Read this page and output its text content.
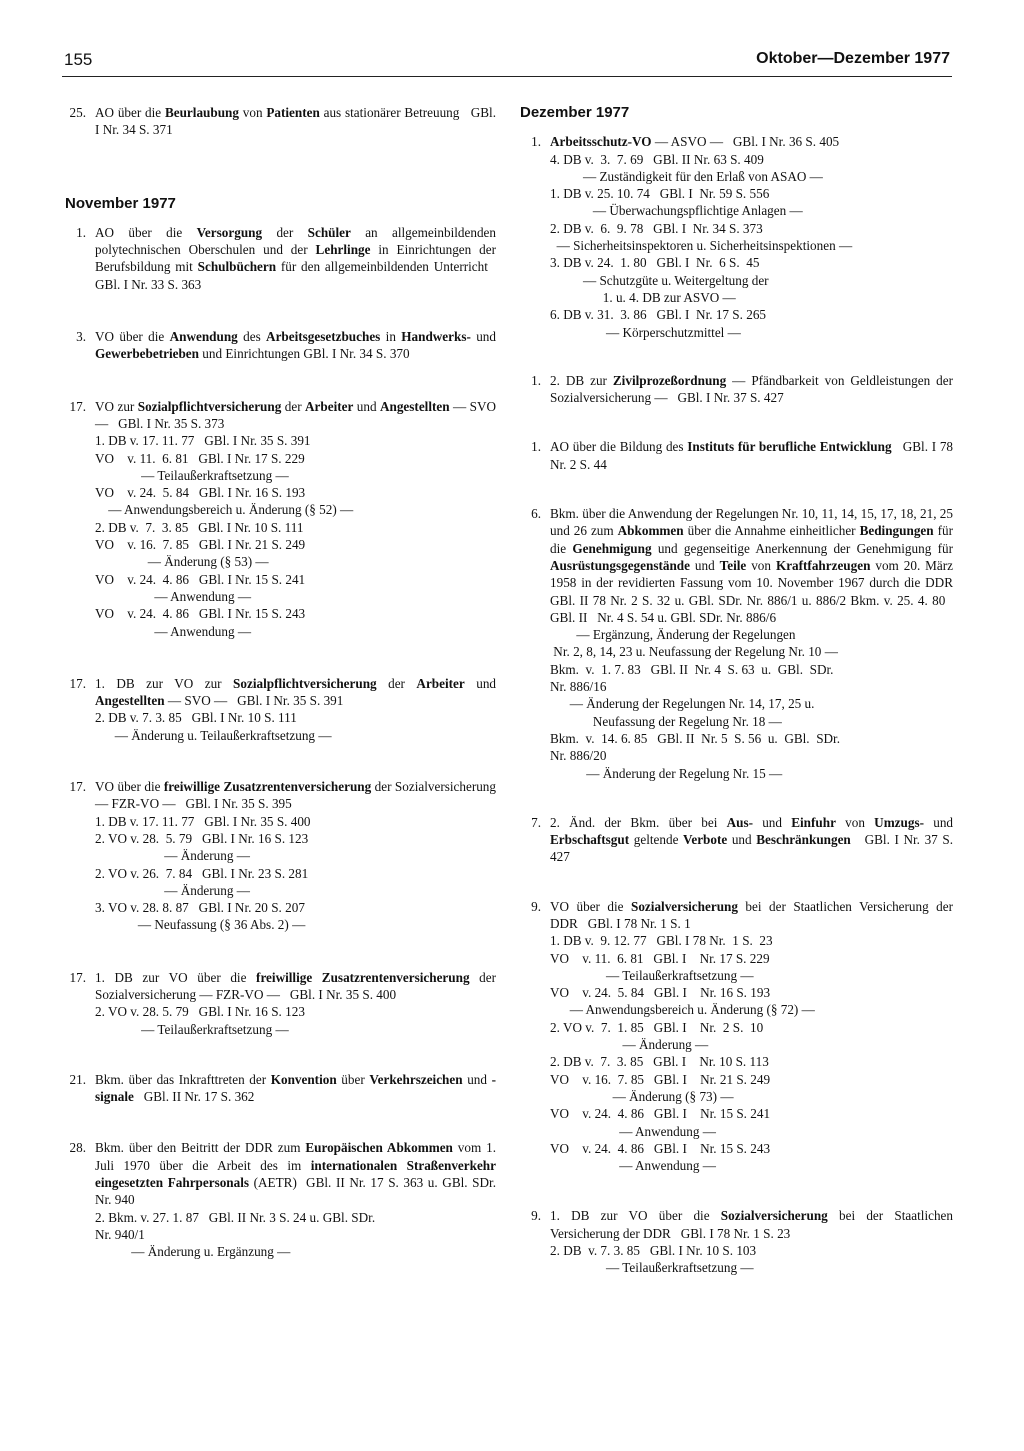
155	Oktober—Dezember 1977
25. AO über die Beurlaubung von Patienten aus stationärer Betreuung   GBl. I Nr. 34 S. 371
November 1977
1. AO über die Versorgung der Schüler an allgemeinbildenden polytechnischen Oberschulen und der Lehrlinge in Einrichtungen der Berufsbildung mit Schulbüchern für den allgemeinbildenden Unterricht   GBl. I Nr. 33 S. 363
3. VO über die Anwendung des Arbeitsgesetzbuches in Handwerks- und Gewerbebetrieben und Einrichtungen GBl. I Nr. 34 S. 370
17. VO zur Sozialpflichtversicherung der Arbeiter und Angestellten — SVO —   GBl. I Nr. 35 S. 373
1. DB v. 17. 11. 77   GBl. I Nr. 35 S. 391
VO    v. 11.  6. 81   GBl. I Nr. 17 S. 229
— Teilaußerkraftsetzung —
VO    v. 24.  5. 84   GBl. I Nr. 16 S. 193
— Anwendungsbereich u. Änderung (§ 52) —
2. DB v.  7.  3. 85   GBl. I Nr. 10 S. 111
VO    v. 16.  7. 85   GBl. I Nr. 21 S. 249
— Änderung (§ 53) —
VO    v. 24.  4. 86   GBl. I Nr. 15 S. 241
— Anwendung —
VO    v. 24.  4. 86   GBl. I Nr. 15 S. 243
— Anwendung —
17. 1. DB zur VO zur Sozialpflichtversicherung der Arbeiter und Angestellten — SVO —   GBl. I Nr. 35 S. 391
2. DB v. 7. 3. 85   GBl. I Nr. 10 S. 111
— Änderung u. Teilaußerkraftsetzung —
17. VO über die freiwillige Zusatzrentenversicherung der Sozialversicherung — FZR-VO —   GBl. I Nr. 35 S. 395
1. DB v. 17. 11. 77   GBl. I Nr. 35 S. 400
2. VO v. 28.  5. 79   GBl. I Nr. 16 S. 123
— Änderung —
2. VO v. 26.  7. 84   GBl. I Nr. 23 S. 281
— Änderung —
3. VO v. 28. 8. 87   GBl. I Nr. 20 S. 207
— Neufassung (§ 36 Abs. 2) —
17. 1. DB zur VO über die freiwillige Zusatzrentenversicherung der Sozialversicherung — FZR-VO —   GBl. I Nr. 35 S. 400
2. VO v. 28. 5. 79   GBl. I Nr. 16 S. 123
— Teilaußerkraftsetzung —
21. Bkm. über das Inkrafttreten der Konvention über Verkehrszeichen und -signale   GBl. II Nr. 17 S. 362
28. Bkm. über den Beitritt der DDR zum Europäischen Abkommen vom 1. Juli 1970 über die Arbeit des im internationalen Straßenverkehr eingesetzten Fahrpersonals (AETR)  GBl. II Nr. 17 S. 363 u. GBl. SDr. Nr. 940
2. Bkm. v. 27. 1. 87   GBl. II Nr. 3 S. 24 u. GBl. SDr.
Nr. 940/1
— Änderung u. Ergänzung —
Dezember 1977
1. Arbeitsschutz-VO — ASVO —   GBl. I Nr. 36 S. 405
4. DB v.  3.  7. 69   GBl. II Nr. 63 S. 409
— Zuständigkeit für den Erlaß von ASAO —
1. DB v. 25. 10. 74   GBl. I  Nr. 59 S. 556
— Überwachungspflichtige Anlagen —
2. DB v.  6.  9. 78   GBl. I  Nr. 34 S. 373
— Sicherheitsinspektoren u. Sicherheitsinspektionen —
3. DB v. 24.  1. 80   GBl. I  Nr.  6 S.  45
— Schutzgüte u. Weitergeltung der
1. u. 4. DB zur ASVO —
6. DB v. 31.  3. 86   GBl. I  Nr. 17 S. 265
— Körperschutzmittel —
1. 2. DB zur Zivilprozeßordnung — Pfändbarkeit von Geldleistungen der Sozialversicherung —   GBl. I Nr. 37 S. 427
1. AO über die Bildung des Instituts für berufliche Entwicklung   GBl. I 78 Nr. 2 S. 44
6. Bkm. über die Anwendung der Regelungen Nr. 10, 11, 14, 15, 17, 18, 21, 25 und 26 zum Abkommen über die Annahme einheitlicher Bedingungen für die Genehmigung und gegenseitige Anerkennung der Genehmigung für Ausrüstungsgegenstände und Teile von Kraftfahrzeugen vom 20. März 1958 in der revidierten Fassung vom 10. November 1967 durch die DDR GBl. II 78 Nr. 2 S. 32 u. GBl. SDr. Nr. 886/1 u. 886/2 Bkm. v. 25. 4. 80   GBl. II   Nr. 4 S. 54 u. GBl. SDr. Nr. 886/6
— Ergänzung, Änderung der Regelungen
Nr. 2, 8, 14, 23 u. Neufassung der Regelung Nr. 10 —
Bkm.  v.  1. 7. 83   GBl. II  Nr. 4  S. 63  u.  GBl.  SDr.
Nr. 886/16
— Änderung der Regelungen Nr. 14, 17, 25 u.
Neufassung der Regelung Nr. 18 —
Bkm.  v.  14. 6. 85   GBl. II  Nr. 5  S. 56  u.  GBl.  SDr.
Nr. 886/20
— Änderung der Regelung Nr. 15 —
7. 2. Änd. der Bkm. über bei Aus- und Einfuhr von Umzugs- und Erbschaftsgut geltende Verbote und Beschränkungen   GBl. I Nr. 37 S. 427
9. VO über die Sozialversicherung bei der Staatlichen Versicherung der DDR   GBl. I 78 Nr. 1 S. 1
1. DB v.  9. 12. 77   GBl. I 78 Nr.  1 S.  23
VO    v. 11.  6. 81   GBl. I    Nr. 17 S. 229
— Teilaußerkraftsetzung —
VO    v. 24.  5. 84   GBl. I    Nr. 16 S. 193
— Anwendungsbereich u. Änderung (§ 72) —
2. VO v.  7.  1. 85   GBl. I    Nr.  2 S.  10
— Änderung —
2. DB v.  7.  3. 85   GBl. I    Nr. 10 S. 113
VO    v. 16.  7. 85   GBl. I    Nr. 21 S. 249
— Änderung (§ 73) —
VO    v. 24.  4. 86   GBl. I    Nr. 15 S. 241
— Anwendung —
VO    v. 24.  4. 86   GBl. I    Nr. 15 S. 243
— Anwendung —
9. 1. DB zur VO über die Sozialversicherung bei der Staatlichen Versicherung der DDR   GBl. I 78 Nr. 1 S. 23
2. DB  v. 7. 3. 85   GBl. I Nr. 10 S. 103
— Teilaußerkraftsetzung —
